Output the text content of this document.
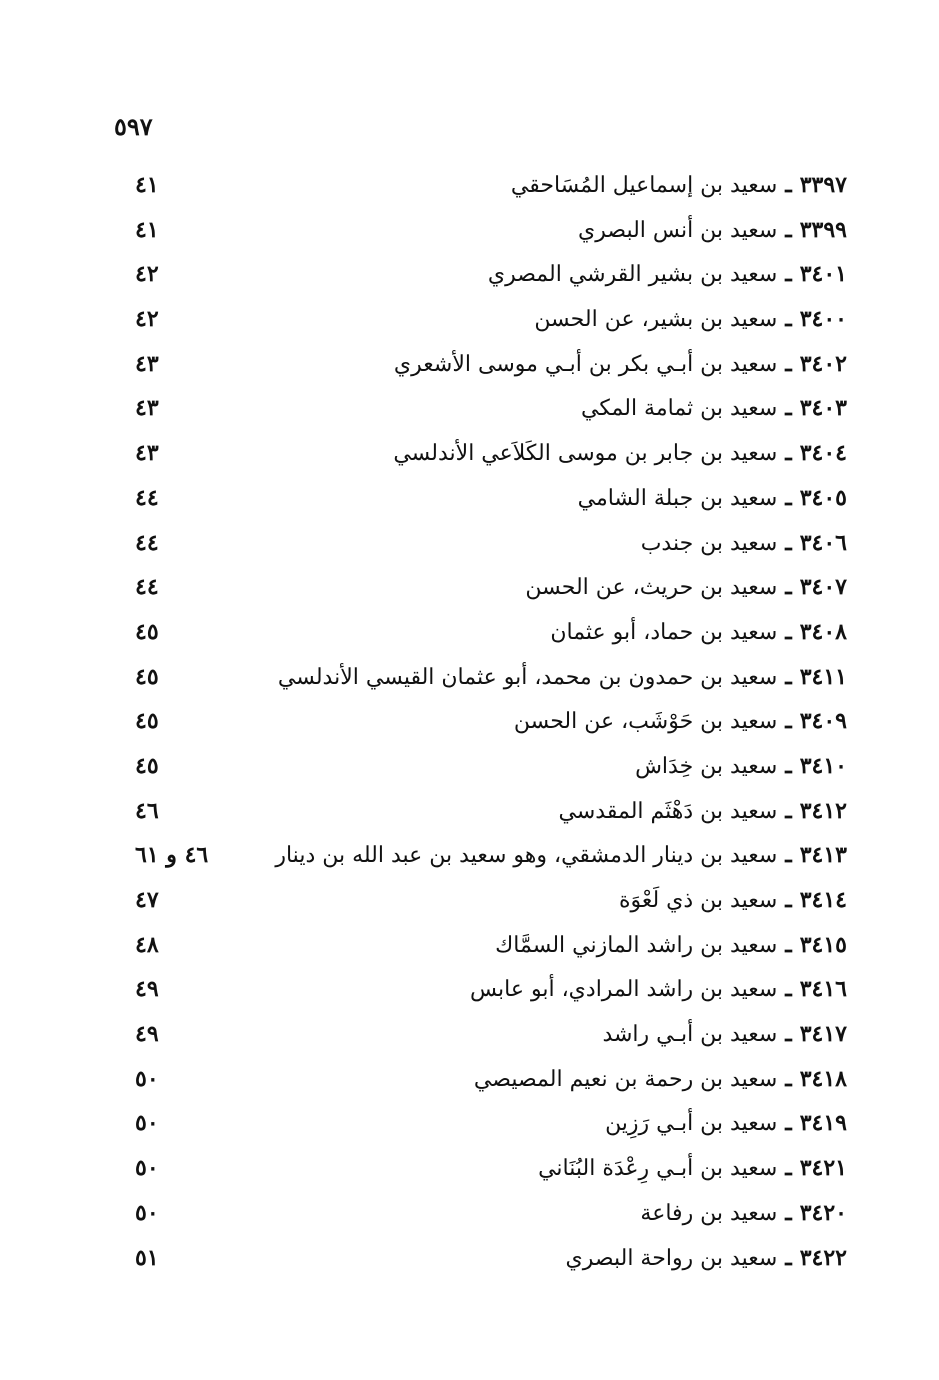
٥٩٧
٣٣٩٧ـسعيد بن إسماعيل المُسَاحقي
٤١
٣٣٩٩ـسعيد بن أنس البصري
٤١
٣٤٠١ـسعيد بن بشير القرشي المصري
٤٢
٣٤٠٠ـسعيد بن بشير، عن الحسن
٤٢
٣٤٠٢ـسعيد بن أبـي بكر بن أبـي موسى الأشعري
٤٣
٣٤٠٣ـسعيد بن ثمامة المكي
٤٣
٣٤٠٤ـسعيد بن جابر بن موسى الكَلاَعي الأندلسي
٤٣
٣٤٠٥ـسعيد بن جبلة الشامي
٤٤
٣٤٠٦ـسعيد بن جندب
٤٤
٣٤٠٧ـسعيد بن حريث، عن الحسن
٤٤
٣٤٠٨ـسعيد بن حماد، أبو عثمان
٤٥
٣٤١١ـسعيد بن حمدون بن محمد، أبو عثمان القيسي الأندلسي
٤٥
٣٤٠٩ـسعيد بن حَوْشَب، عن الحسن
٤٥
٣٤١٠ـسعيد بن خِدَاش
٤٥
٣٤١٢ـسعيد بن دَهْثَم المقدسي
٤٦
٣٤١٣ـسعيد بن دينار الدمشقي، وهو سعيد بن عبد الله بن دينار
٤٦ و ٦١
٣٤١٤ـسعيد بن ذي لَعْوَة
٤٧
٣٤١٥ـسعيد بن راشد المازني السمَّاك
٤٨
٣٤١٦ـسعيد بن راشد المرادي، أبو عابس
٤٩
٣٤١٧ـسعيد بن أبـي راشد
٤٩
٣٤١٨ـسعيد بن رحمة بن نعيم المصيصي
٥٠
٣٤١٩ـسعيد بن أبـي رَزِين
٥٠
٣٤٢١ـسعيد بن أبـي رِعْدَة البُنَاني
٥٠
٣٤٢٠ـسعيد بن رفاعة
٥٠
٣٤٢٢ـسعيد بن رواحة البصري
٥١
